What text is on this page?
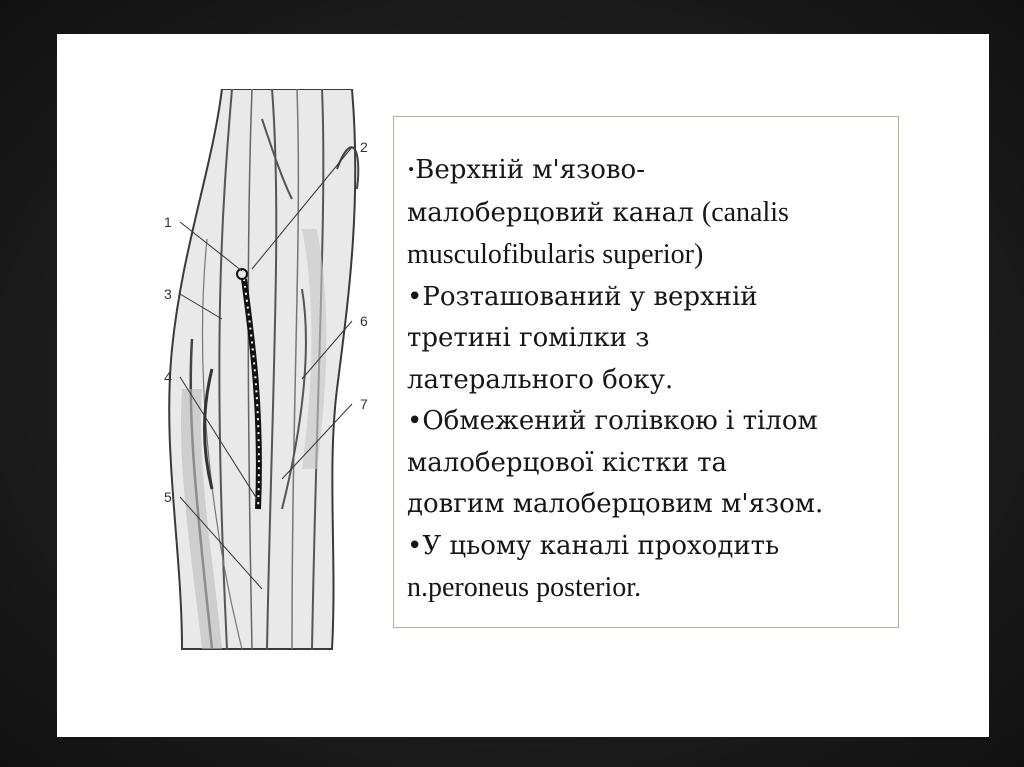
1
2
3
4
5
6
7

•Верхній м'язово-
малоберцовий канал (canalis
musculofibularis superior)

•Розташований у верхній
третині гомілки з
латерального боку.

•Обмежений голівкою і тілом
малоберцової кістки та
довгим малоберцовим м'язом.

•У цьому каналі проходить
n.peroneus posterior.
